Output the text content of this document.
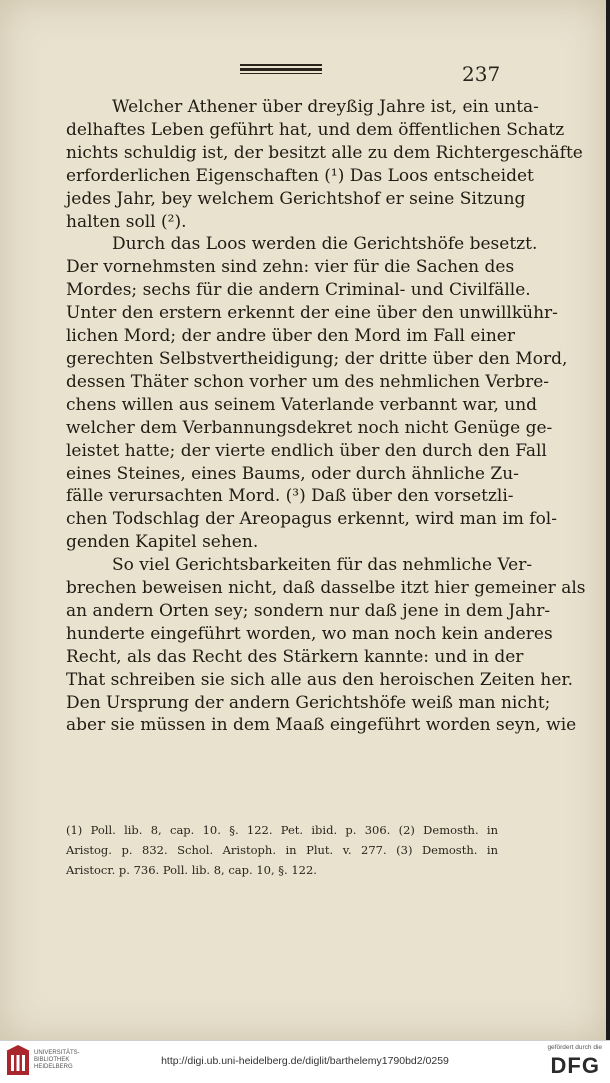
237
Welcher Athener über dreyßig Jahre ist, ein unta-
delhaftes Leben geführt hat, und dem öffentlichen Schatz
nichts schuldig ist, der besitzt alle zu dem Richtergeschäfte
erforderlichen Eigenschaften (¹) Das Loos entscheidet
jedes Jahr, bey welchem Gerichtshof er seine Sitzung
halten soll (²).
Durch das Loos werden die Gerichtshöfe besetzt.
Der vornehmsten sind zehn: vier für die Sachen des
Mordes; sechs für die andern Criminal- und Civilfälle.
Unter den erstern erkennt der eine über den unwillkühr-
lichen Mord; der andre über den Mord im Fall einer
gerechten Selbstvertheidigung; der dritte über den Mord,
dessen Thäter schon vorher um des nehmlichen Verbre-
chens willen aus seinem Vaterlande verbannt war, und
welcher dem Verbannungsdekret noch nicht Genüge ge-
leistet hatte; der vierte endlich über den durch den Fall
eines Steines, eines Baums, oder durch ähnliche Zu-
fälle verursachten Mord. (³) Daß über den vorsetzli-
chen Todschlag der Areopagus erkennt, wird man im fol-
genden Kapitel sehen.
So viel Gerichtsbarkeiten für das nehmliche Ver-
brechen beweisen nicht, daß dasselbe itzt hier gemeiner als
an andern Orten sey; sondern nur daß jene in dem Jahr-
hunderte eingeführt worden, wo man noch kein anderes
Recht, als das Recht des Stärkern kannte: und in der
That schreiben sie sich alle aus den heroischen Zeiten her.
Den Ursprung der andern Gerichtshöfe weiß man nicht;
aber sie müssen in dem Maaß eingeführt worden seyn, wie
(1) Poll. lib. 8, cap. 10. §. 122. Pet. ibid. p. 306. (2) Demosth. in
Aristog. p. 832. Schol. Aristoph. in Plut. v. 277. (3) Demosth. in
Aristocr. p. 736. Poll. lib. 8, cap. 10, §. 122.
UNIVERSITÄTS-
BIBLIOTHEK
HEIDELBERG	http://digi.ub.uni-heidelberg.de/diglit/barthelemy1790bd2/0259
gefördert durch die
DFG
